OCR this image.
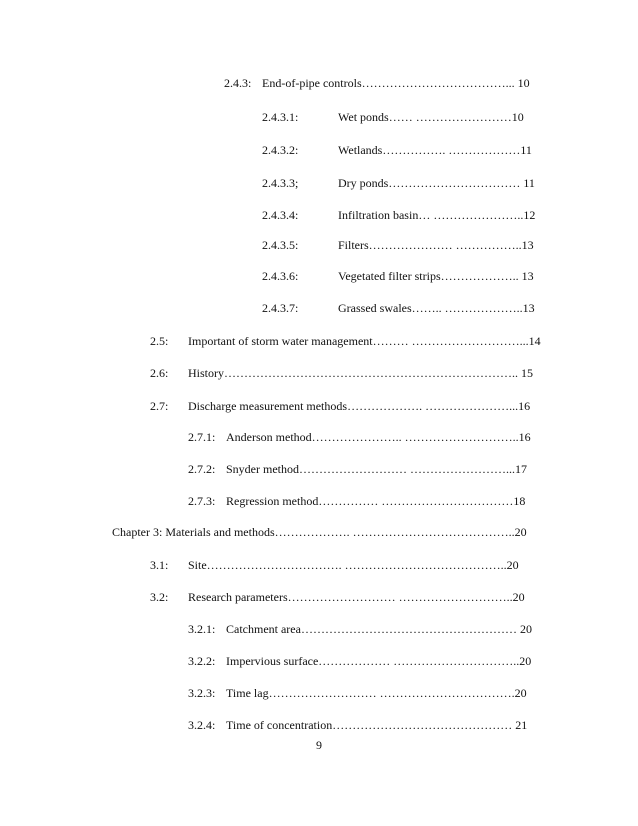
2.4.3: End-of-pipe controls………………………………... 10
2.4.3.1:	Wet ponds…… ……………………10
2.4.3.2:	Wetlands……………. ………………11
2.4.3.3;	Dry ponds…………………………… 11
2.4.3.4:	Infiltration basin… …………………..12
2.4.3.5:	Filters………………… ……………..13
2.4.3.6:	Vegetated filter strips……………….. 13
2.4.3.7:	Grassed swales…….. ………………..13
2.5: Important of storm water management……… ………………………...14
2.6: History……………………………………………………………….. 15
2.7: Discharge measurement methods………………. …………………...16
2.7.1: Anderson method………………….. ………………………..16
2.7.2: Snyder method……………………… ……………………...17
2.7.3: Regression method…………… ……………………………18
Chapter 3: Materials and methods………………. …………………………………..20
3.1: Site……………………………. …………………………………..20
3.2: Research parameters……………………… ………………………..20
3.2.1: Catchment area……………………………………………… 20
3.2.2: Impervious surface……………… …………………………..20
3.2.3: Time lag……………………… …………………………….20
3.2.4: Time of concentration……………………………………… 21
9
